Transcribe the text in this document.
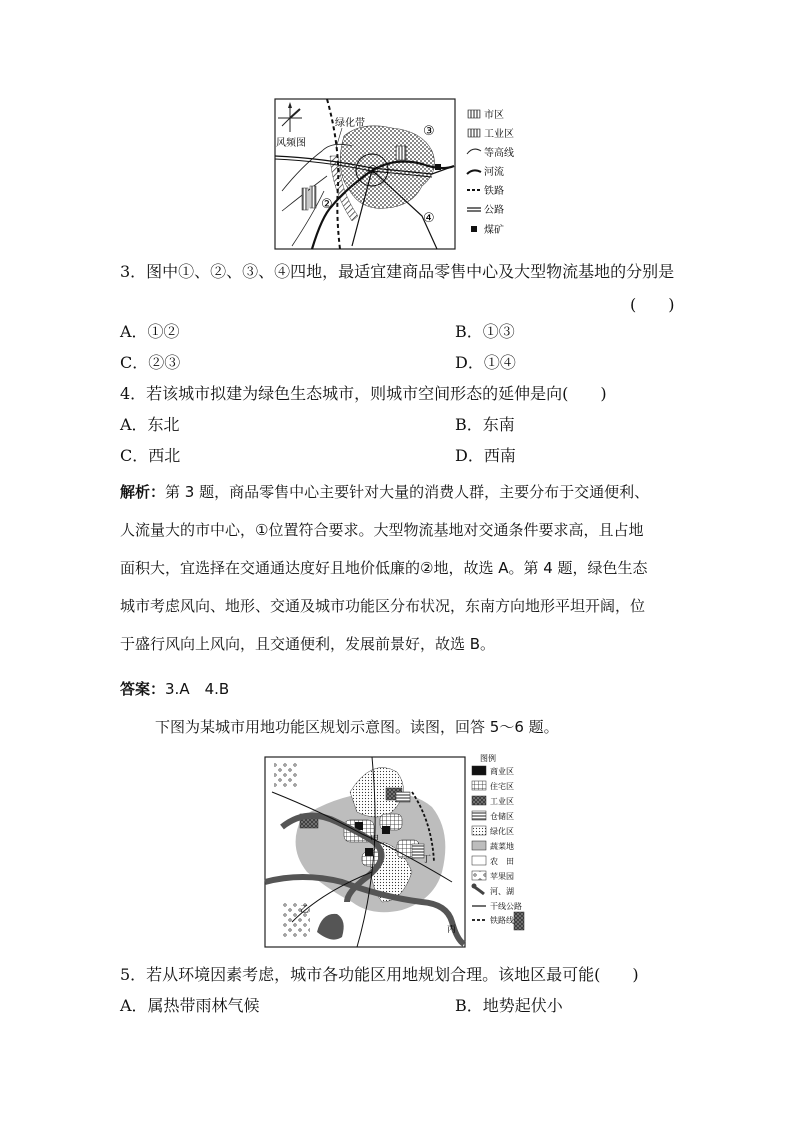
风频图
绿化带
①
②
③
④
市区
工业区
等高线
河流
铁路
公路
煤矿
3．图中①、②、③、④四地，最适宜建商品零售中心及大型物流基地的分别是
(　　)
A．①②	B．①③
C．②③	D．①④
4．若该城市拟建为绿色生态城市，则城市空间形态的延伸是向(　　)
A．东北	B．东南
C．西北	D．西南
解析：第 3 题，商品零售中心主要针对大量的消费人群，主要分布于交通便利、
人流量大的市中心，①位置符合要求。大型物流基地对交通条件要求高，且占地
面积大，宜选择在交通通达度好且地价低廉的②地，故选 A。第 4 题，绿色生态
城市考虑风向、地形、交通及城市功能区分布状况，东南方向地形平坦开阔，位
于盛行风向上风向，且交通便利，发展前景好，故选 B。
答案：3.A　4.B
下图为某城市用地功能区规划示意图。读图，回答 5～6 题。
甲
乙
丙
丁
图例
商业区
住宅区
工业区
仓储区
绿化区
蔬菜地
农　田
苹果园
河、湖
干线公路
铁路线
5．若从环境因素考虑，城市各功能区用地规划合理。该地区最可能(　　)
A．属热带雨林气候	B．地势起伏小
